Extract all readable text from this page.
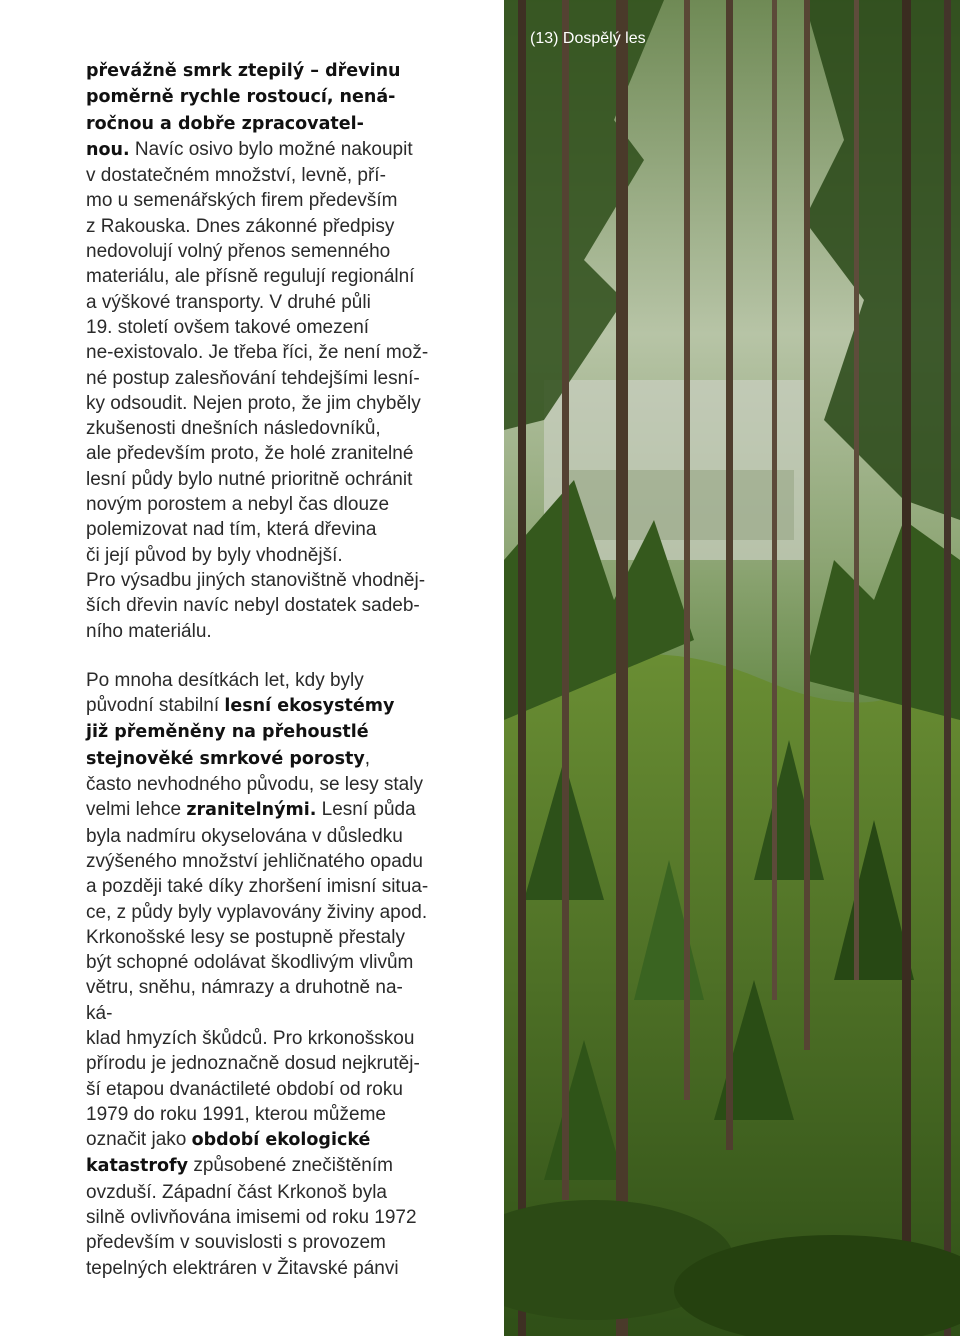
převážně smrk ztepilý – dřevinu
poměrně rychle rostoucí, nená-
ročnou a dobře zpracovatel-
nou. Navíc osivo bylo možné nakoupit
v dostatečném množství, levně, pří-
mo u semenářských firem především
z Rakouska. Dnes zákonné předpisy
nedovolují volný přenos semenného
materiálu, ale přísně regulují regionální
a výškové transporty. V druhé půli
19. století ovšem takové omezení
ne-existovalo. Je třeba říci, že není mož-
né postup zalesňování tehdejšími lesní-
ky odsoudit. Nejen proto, že jim chyběly
zkušenosti dnešních následovníků,
ale především proto, že holé zranitelné
lesní půdy bylo nutné prioritně ochránit
novým porostem a nebyl čas dlouze
polemizovat nad tím, která dřevina
či její původ by byly vhodnější.
Pro výsadbu jiných stanovištně vhodněj-
ších dřevin navíc nebyl dostatek sadeb-
ního materiálu.
Po mnoha desítkách let, kdy byly
původní stabilní lesní ekosystémy
již přeměněny na přehoustlé
stejnověké smrkové porosty,
často nevhodného původu, se lesy staly
velmi lehce zranitelnými. Lesní půda
byla nadmíru okyselována v důsledku
zvýšeného množství jehličnatého opadu
a později také díky zhoršení imisní situa-
ce, z půdy byly vyplavovány živiny apod.
Krkonošské lesy se postupně přestaly
být schopné odolávat škodlivým vlivům
větru, sněhu, námrazy a druhotně na-
ká-
klad hmyzích škůdců. Pro krkonošskou
přírodu je jednoznačně dosud nejkrutěj-
ší etapou dvanáctileté období od roku
1979 do roku 1991, kterou můžeme
označit jako období ekologické
katastrofy způsobené znečištěním
ovzduší. Západní část Krkonoš byla
silně ovlivňována imisemi od roku 1972
především v souvislosti s provozem
tepelných elektráren v Žitavské pánvi
(13) Dospělý les
